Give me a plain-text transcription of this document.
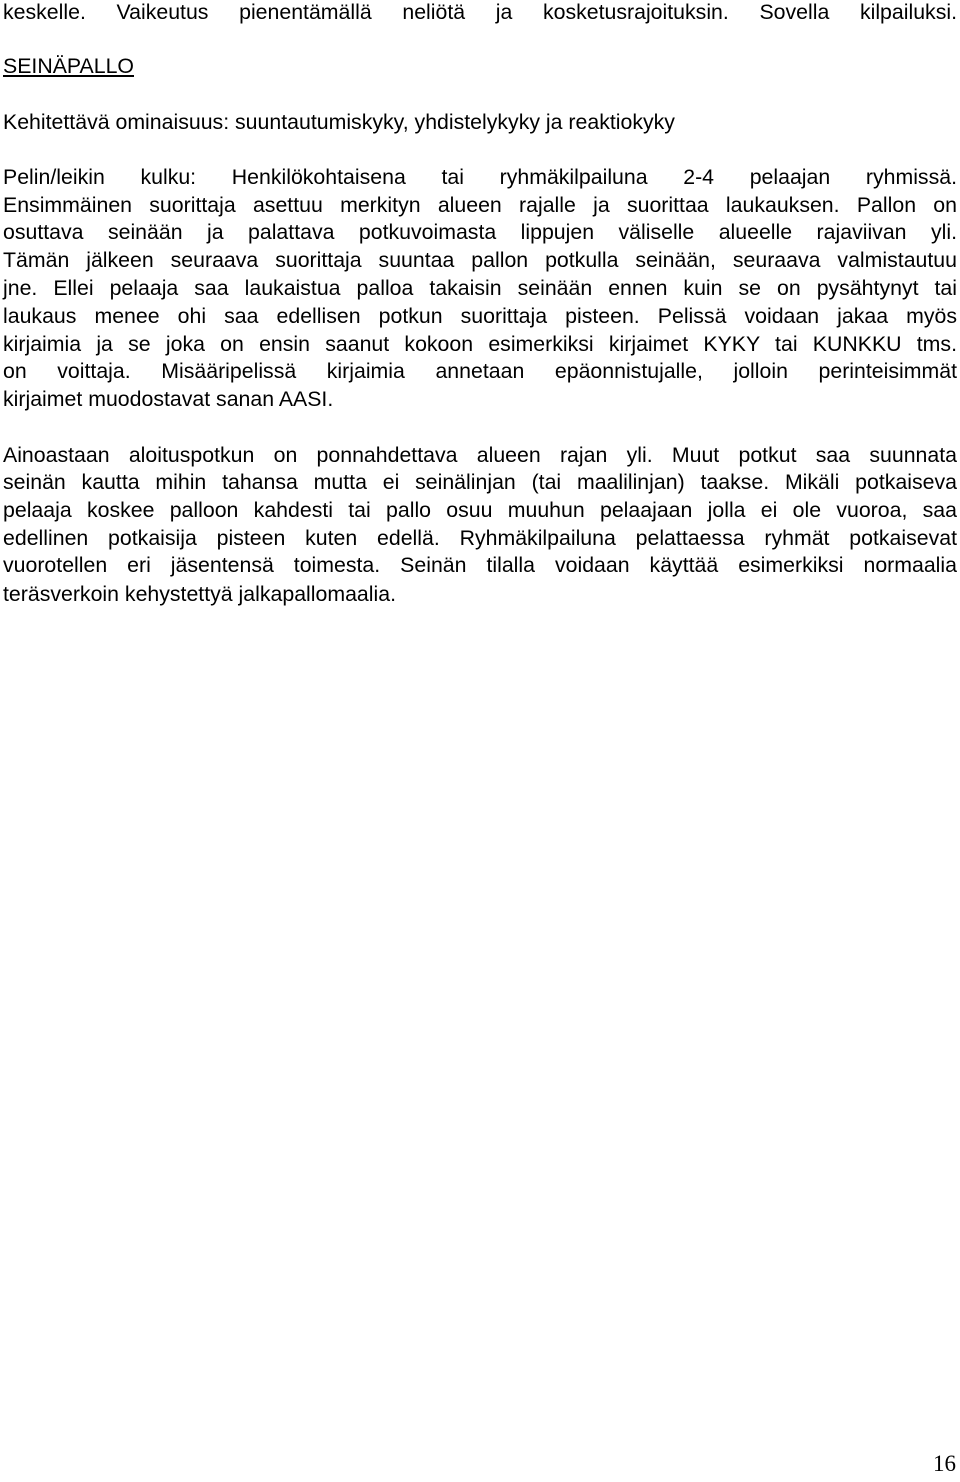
keskelle. Vaikeutus pienentämällä neliötä ja kosketusrajoituksin. Sovella kilpailuksi.

SEINÄPALLO

Kehitettävä ominaisuus: suuntautumiskyky, yhdistelykyky ja reaktiokyky

Pelin/leikin kulku: Henkilökohtaisena tai ryhmäkilpailuna 2-4 pelaajan ryhmissä.

Ensimmäinen suorittaja asettuu merkityn alueen rajalle ja suorittaa laukauksen. Pallon on

osuttava seinään ja palattava potkuvoimasta lippujen väliselle alueelle rajaviivan yli.

Tämän jälkeen seuraava suorittaja suuntaa pallon potkulla seinään, seuraava valmistautuu

jne. Ellei pelaaja saa laukaistua palloa takaisin seinään ennen kuin se on pysähtynyt tai

laukaus menee ohi saa edellisen potkun suorittaja pisteen. Pelissä voidaan jakaa myös

kirjaimia ja se joka on ensin saanut kokoon esimerkiksi kirjaimet KYKY tai KUNKKU tms.

on voittaja. Misääripelissä kirjaimia annetaan epäonnistujalle, jolloin perinteisimmät

kirjaimet muodostavat sanan AASI.

Ainoastaan aloituspotkun on ponnahdettava alueen rajan yli. Muut potkut saa suunnata

seinän kautta mihin tahansa mutta ei seinälinjan (tai maalilinjan) taakse. Mikäli potkaiseva

pelaaja koskee palloon kahdesti tai pallo osuu muuhun pelaajaan jolla ei ole vuoroa, saa

edellinen potkaisija pisteen kuten edellä. Ryhmäkilpailuna pelattaessa ryhmät potkaisevat

vuorotellen eri jäsentensä toimesta. Seinän tilalla voidaan käyttää esimerkiksi normaalia

teräsverkoin kehystettyä jalkapallomaalia.

16
